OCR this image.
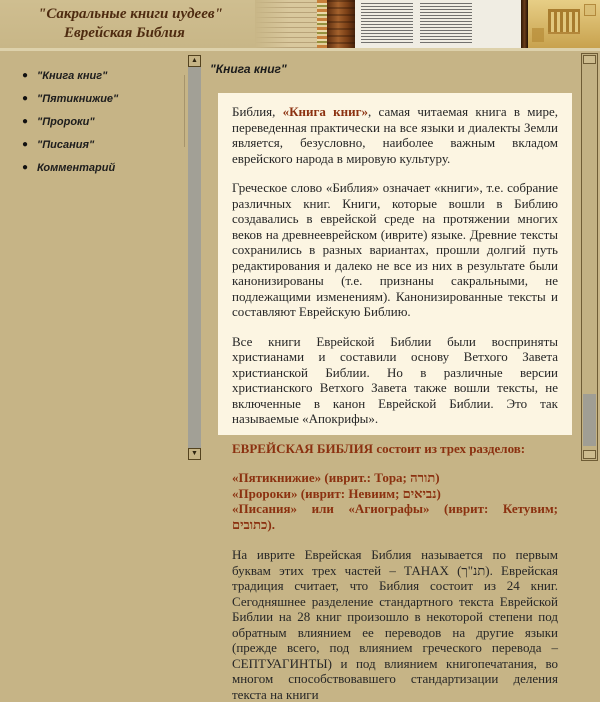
"Сакральные книги иудеев"
Еврейская Библия
● "Книга книг"
● "Пятикнижие"
● "Пророки"
● "Писания"
● Комментарий
▲
▼
"Книга книг"

Библия, «Книга книг», самая читаемая книга в мире, переведенная практически на все языки и диалекты Земли является, безусловно, наиболее важным вкладом еврейского народа в мировую культуру.

Греческое слово «Библия» означает «книги», т.е. собрание различных книг. Книги, которые вошли в Библию создавались в еврейской среде на протяжении многих веков на древнееврейском (иврите) языке. Древние тексты сохранились в разных вариантах, прошли долгий путь редактирования и далеко не все из них в результате были канонизированы (т.е. признаны сакральными, не подлежащими изменениям). Канонизированные тексты и составляют Еврейскую Библию.

Все книги Еврейской Библии были восприняты христианами и составили основу Ветхого Завета христианской Библии. Но в различные версии христианского Ветхого Завета также вошли тексты, не включенные в канон Еврейской Библии. Это так называемые «Апокрифы».

ЕВРЕЙСКАЯ БИБЛИЯ состоит из трех разделов:

«Пятикнижие» (иврит.: Тора; תורה)
«Пророки» (иврит: Невиим; נביאים)
«Писания» или «Агиографы» (иврит: Кетувим; כתובים).

На иврите Еврейская Библия называется по первым буквам этих трех частей – ТАНАХ (תנ"ך). Еврейская традиция считает, что Библия состоит из 24 книг. Сегодняшнее разделение стандартного текста Еврейской Библии на 28 книг произошло в некоторой степени под обратным влиянием ее переводов на другие языки (прежде всего, под влиянием греческого перевода – СЕПТУАГИНТЫ) и под влиянием книгопечатания, во многом способствовавшего стандартизации деления текста на книги
